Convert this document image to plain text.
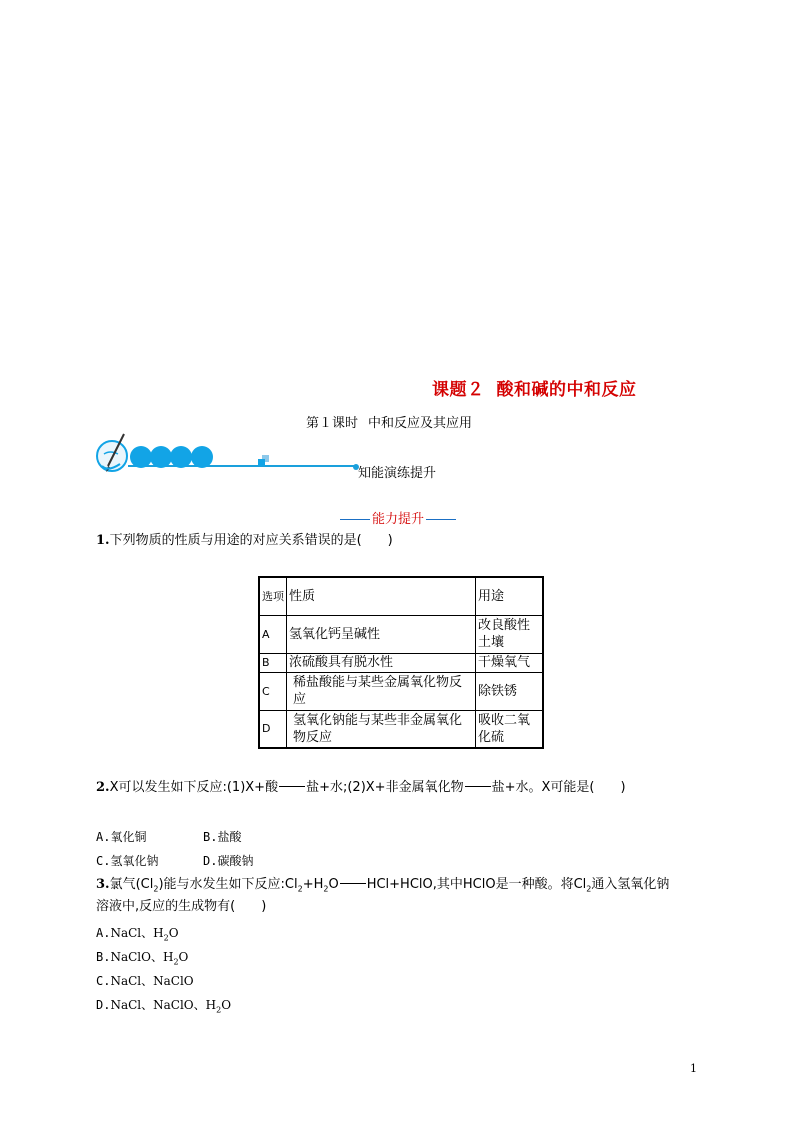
课题２ 酸和碱的中和反应
第１课时 中和反应及其应用
知能演练提升
能力提升
1.下列物质的性质与用途的对应关系错误的是(　　)
选项	性质	用途
A	氢氧化钙呈碱性	改良酸性土壤
B	浓硫酸具有脱水性	干燥氧气
C	稀盐酸能与某些金属氧化物反应	除铁锈
D	氢氧化钠能与某些非金属氧化物反应	吸收二氧化硫
2.X可以发生如下反应:(1)X+酸 盐+水;(2)X+非金属氧化物 盐+水。X可能是(　　)
A.氧化铜	B.盐酸
C.氢氧化钠	D.碳酸钠
3.氯气$(Cl_2)$能与水发生如下反应$:Cl_2+H_2O$ HCl+HClO,其中HClO是一种酸。将$Cl_2$通入氢氧化钠
溶液中,反应的生成物有(　　)
A.NaCl、$H_2O$
B.NaClO、$H_2O$
C.NaCl、NaClO
D.NaCl、NaClO、$H_2O$
1
